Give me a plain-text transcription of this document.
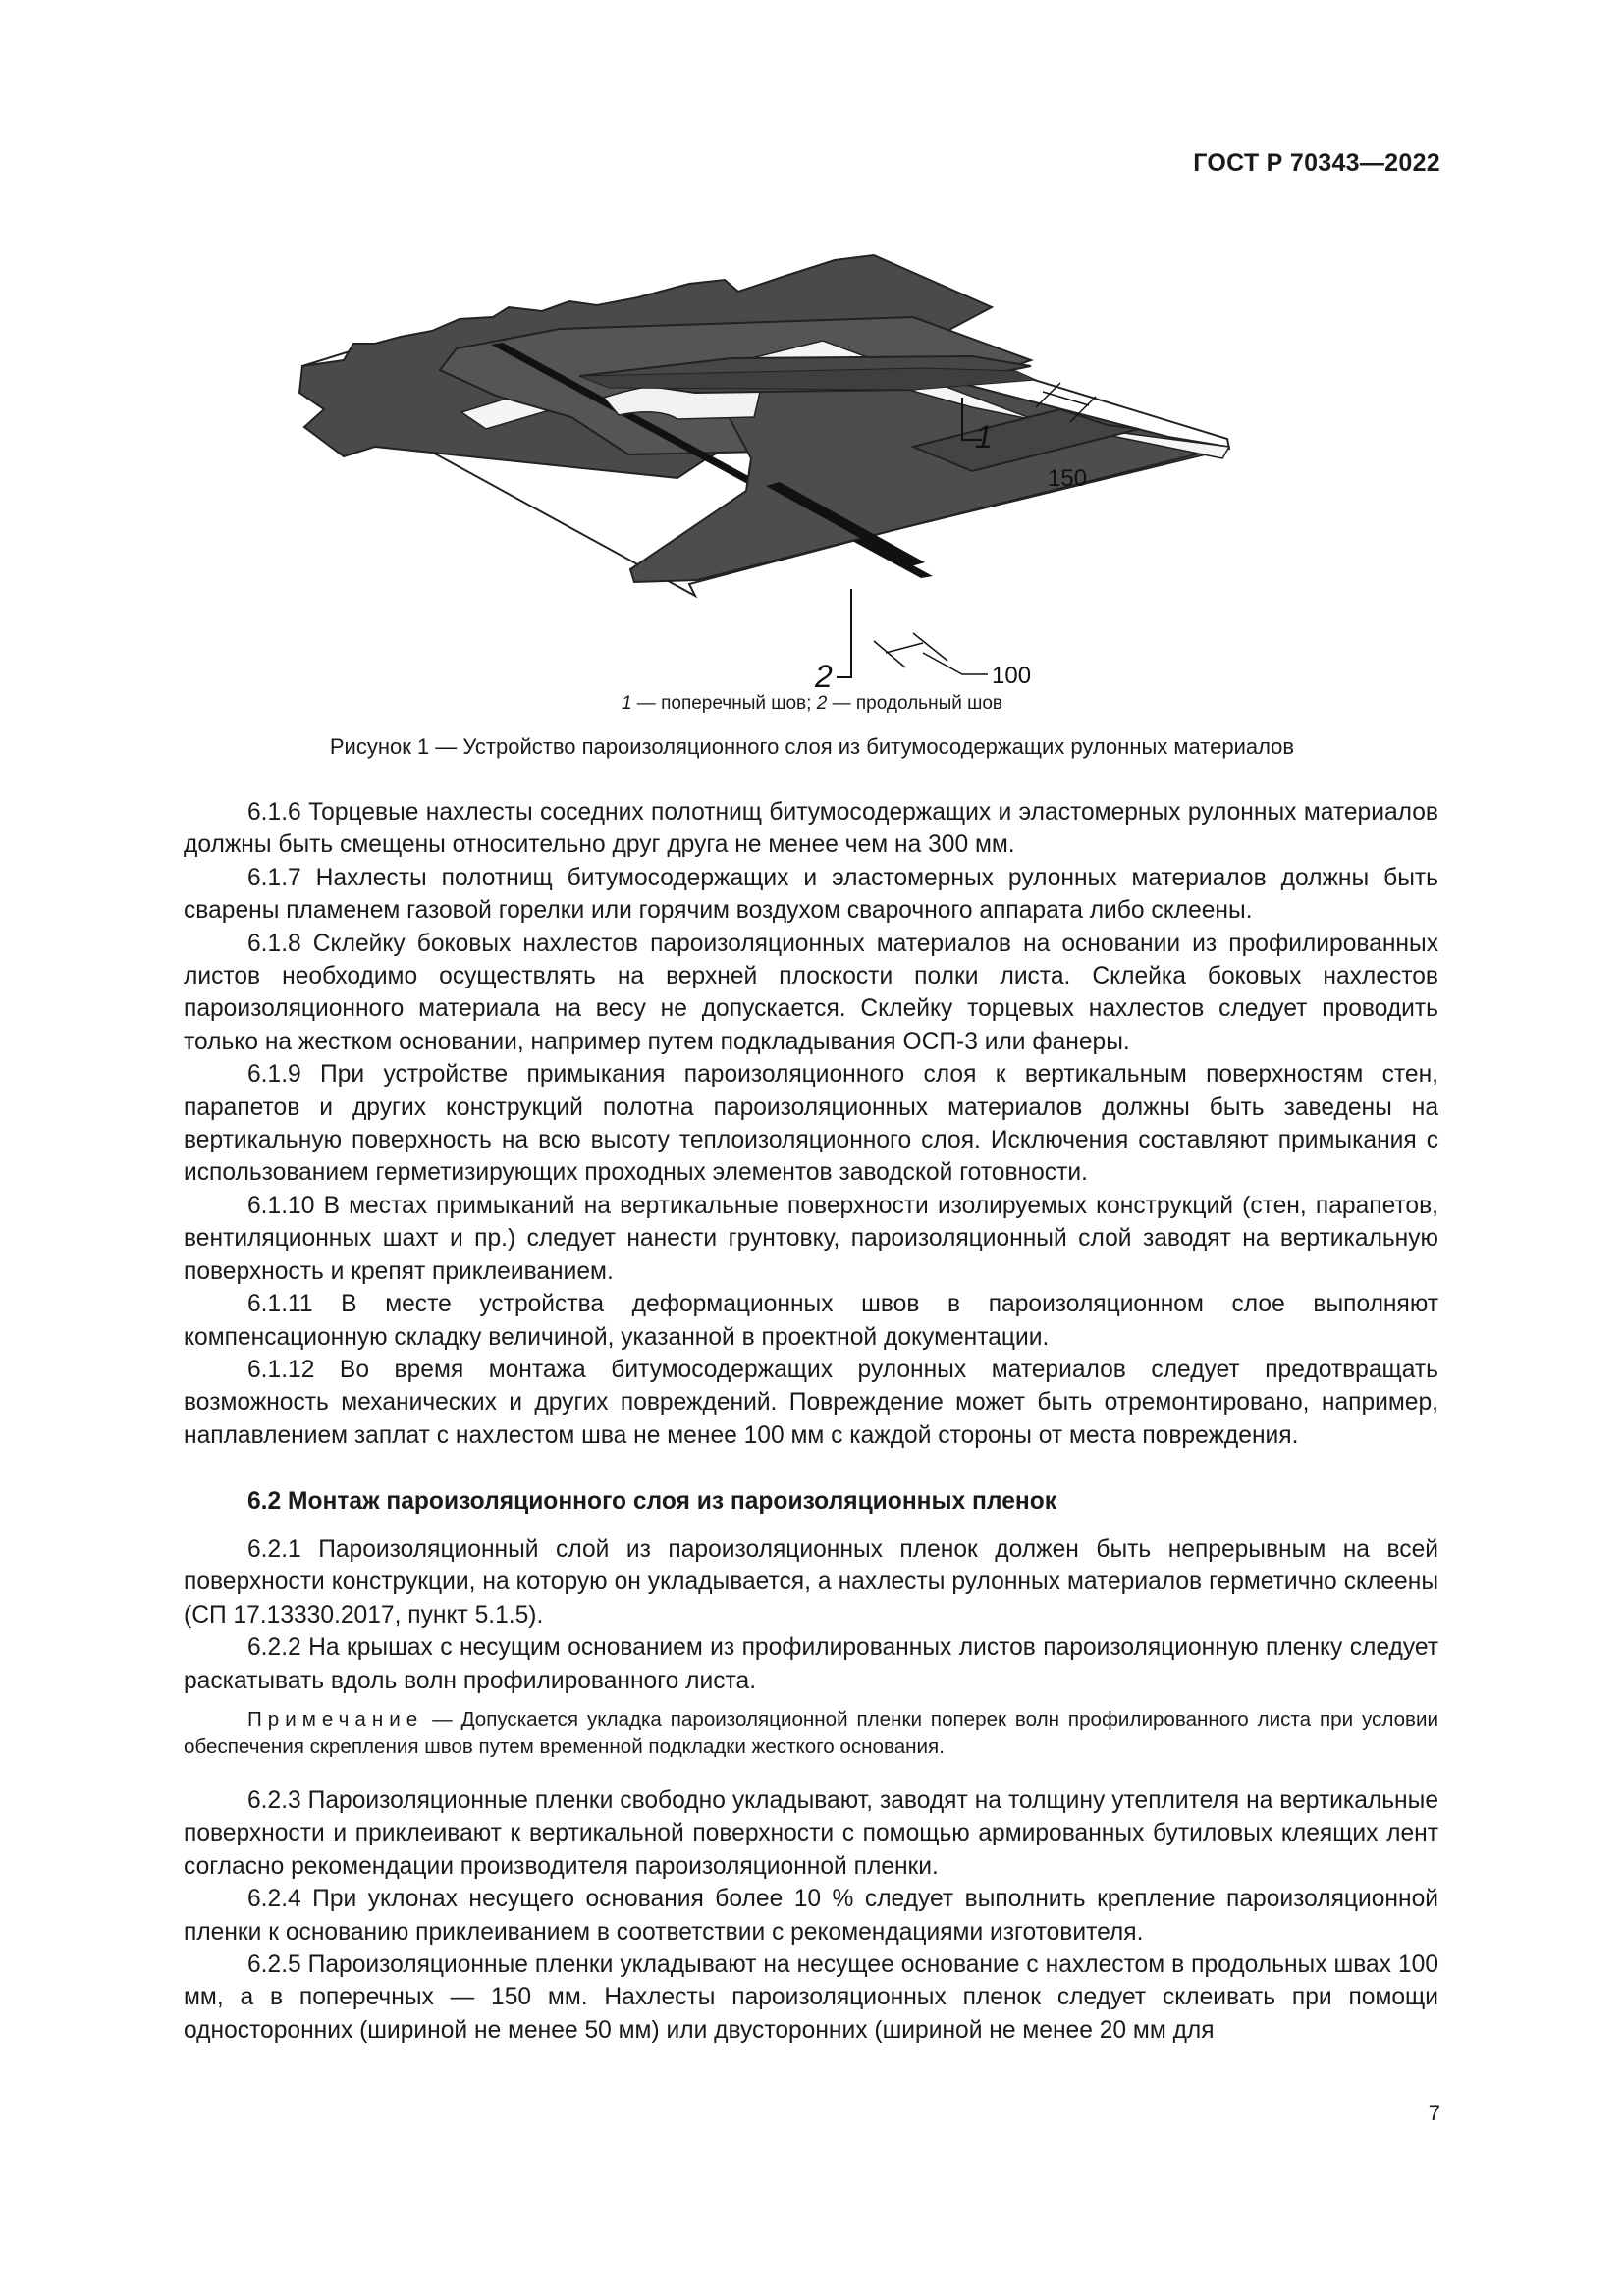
ГОСТ Р 70343—2022
1
150
2	100
1 — поперечный шов; 2 — продольный шов
Рисунок 1 — Устройство пароизоляционного слоя из битумосодержащих рулонных материалов

6.1.6 Торцевые нахлесты соседних полотнищ битумосодержащих и эластомерных рулонных материалов должны быть смещены относительно друг друга не менее чем на 300 мм.

6.1.7 Нахлесты полотнищ битумосодержащих и эластомерных рулонных материалов должны быть сварены пламенем газовой горелки или горячим воздухом сварочного аппарата либо склеены.

6.1.8 Склейку боковых нахлестов пароизоляционных материалов на основании из профилированных листов необходимо осуществлять на верхней плоскости полки листа. Склейка боковых нахлестов пароизоляционного материала на весу не допускается. Склейку торцевых нахлестов следует проводить только на жестком основании, например путем подкладывания ОСП-3 или фанеры.

6.1.9 При устройстве примыкания пароизоляционного слоя к вертикальным поверхностям стен, парапетов и других конструкций полотна пароизоляционных материалов должны быть заведены на вертикальную поверхность на всю высоту теплоизоляционного слоя. Исключения составляют примыкания с использованием герметизирующих проходных элементов заводской готовности.

6.1.10 В местах примыканий на вертикальные поверхности изолируемых конструкций (стен, парапетов, вентиляционных шахт и пр.) следует нанести грунтовку, пароизоляционный слой заводят на вертикальную поверхность и крепят приклеиванием.

6.1.11 В месте устройства деформационных швов в пароизоляционном слое выполняют компенсационную складку величиной, указанной в проектной документации.

6.1.12 Во время монтажа битумосодержащих рулонных материалов следует предотвращать возможность механических и других повреждений. Повреждение может быть отремонтировано, например, наплавлением заплат с нахлестом шва не менее 100 мм с каждой стороны от места повреждения.

6.2 Монтаж пароизоляционного слоя из пароизоляционных пленок

6.2.1 Пароизоляционный слой из пароизоляционных пленок должен быть непрерывным на всей поверхности конструкции, на которую он укладывается, а нахлесты рулонных материалов герметично склеены (СП 17.13330.2017, пункт 5.1.5).

6.2.2 На крышах с несущим основанием из профилированных листов пароизоляционную пленку следует раскатывать вдоль волн профилированного листа.

Примечание — Допускается укладка пароизоляционной пленки поперек волн профилированного листа при условии обеспечения скрепления швов путем временной подкладки жесткого основания.

6.2.3 Пароизоляционные пленки свободно укладывают, заводят на толщину утеплителя на вертикальные поверхности и приклеивают к вертикальной поверхности с помощью армированных бутиловых клеящих лент согласно рекомендации производителя пароизоляционной пленки.

6.2.4 При уклонах несущего основания более 10 % следует выполнить крепление пароизоляционной пленки к основанию приклеиванием в соответствии с рекомендациями изготовителя.

6.2.5 Пароизоляционные пленки укладывают на несущее основание с нахлестом в продольных швах 100 мм, а в поперечных — 150 мм. Нахлесты пароизоляционных пленок следует склеивать при помощи односторонних (шириной не менее 50 мм) или двусторонних (шириной не менее 20 мм для

7
